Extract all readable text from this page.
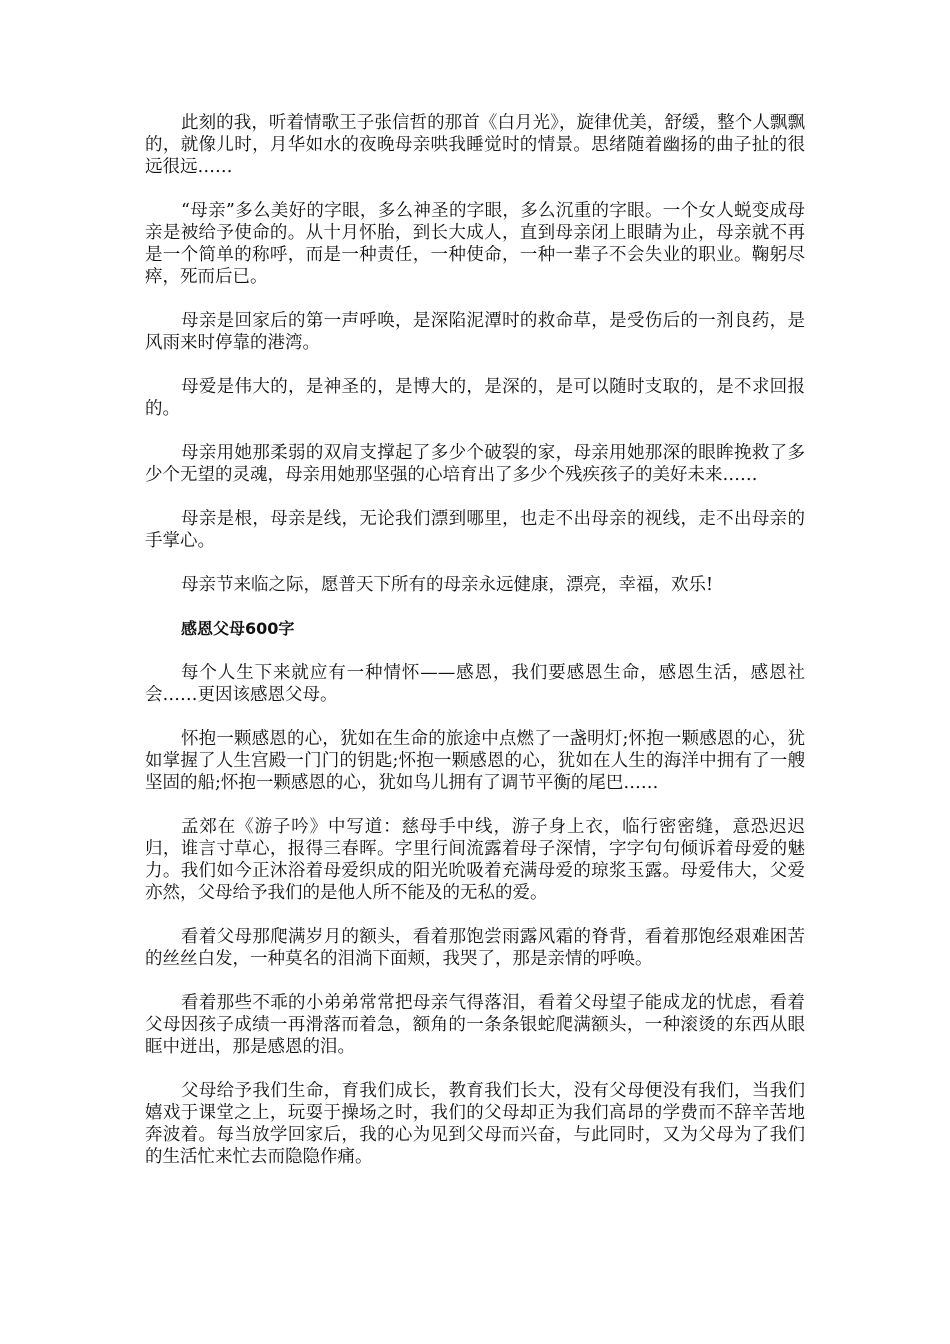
此刻的我，听着情歌王子张信哲的那首《白月光》，旋律优美，舒缓，整个人飘飘的，就像儿时，月华如水的夜晚母亲哄我睡觉时的情景。思绪随着幽扬的曲子扯的很远很远……

“母亲”多么美好的字眼，多么神圣的字眼，多么沉重的字眼。一个女人蜕变成母亲是被给予使命的。从十月怀胎，到长大成人，直到母亲闭上眼睛为止，母亲就不再是一个简单的称呼，而是一种责任，一种使命，一种一辈子不会失业的职业。鞠躬尽瘁，死而后已。

母亲是回家后的第一声呼唤，是深陷泥潭时的救命草，是受伤后的一剂良药，是风雨来时停靠的港湾。

母爱是伟大的，是神圣的，是博大的，是深的，是可以随时支取的，是不求回报的。

母亲用她那柔弱的双肩支撑起了多少个破裂的家，母亲用她那深的眼眸挽救了多少个无望的灵魂，母亲用她那坚强的心培育出了多少个残疾孩子的美好未来……

母亲是根，母亲是线，无论我们漂到哪里，也走不出母亲的视线，走不出母亲的手掌心。

母亲节来临之际，愿普天下所有的母亲永远健康，漂亮，幸福，欢乐!

感恩父母600字

每个人生下来就应有一种情怀——感恩，我们要感恩生命，感恩生活，感恩社会……更因该感恩父母。

怀抱一颗感恩的心，犹如在生命的旅途中点燃了一盏明灯;怀抱一颗感恩的心，犹如掌握了人生宫殿一门门的钥匙;怀抱一颗感恩的心，犹如在人生的海洋中拥有了一艘坚固的船;怀抱一颗感恩的心，犹如鸟儿拥有了调节平衡的尾巴……

孟郊在《游子吟》中写道：慈母手中线，游子身上衣，临行密密缝，意恐迟迟归，谁言寸草心，报得三春晖。字里行间流露着母子深情，字字句句倾诉着母爱的魅力。我们如今正沐浴着母爱织成的阳光吮吸着充满母爱的琼浆玉露。母爱伟大，父爱亦然，父母给予我们的是他人所不能及的无私的爱。

看着父母那爬满岁月的额头，看着那饱尝雨露风霜的脊背，看着那饱经艰难困苦的丝丝白发，一种莫名的泪淌下面颊，我哭了，那是亲情的呼唤。

看着那些不乖的小弟弟常常把母亲气得落泪，看着父母望子能成龙的忧虑，看着父母因孩子成绩一再滑落而着急，额角的一条条银蛇爬满额头，一种滚烫的东西从眼眶中迸出，那是感恩的泪。

父母给予我们生命，育我们成长，教育我们长大，没有父母便没有我们，当我们嬉戏于课堂之上，玩耍于操场之时，我们的父母却正为我们高昂的学费而不辞辛苦地奔波着。每当放学回家后，我的心为见到父母而兴奋，与此同时，又为父母为了我们的生活忙来忙去而隐隐作痛。
